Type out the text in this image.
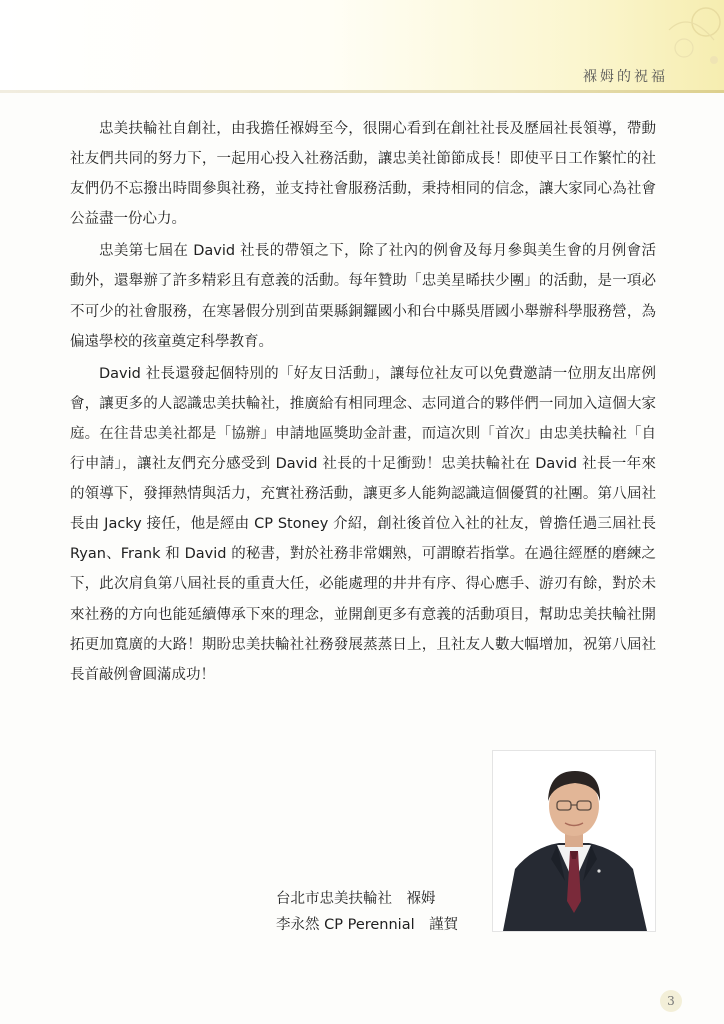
褓姆的祝福

忠美扶輪社自創社，由我擔任褓姆至今，很開心看到在創社社長及歷屆社長領導，帶動社友們共同的努力下，一起用心投入社務活動，讓忠美社節節成長！即使平日工作繁忙的社友們仍不忘撥出時間參與社務，並支持社會服務活動，秉持相同的信念，讓大家同心為社會公益盡一份心力。

忠美第七屆在 David 社長的帶領之下，除了社內的例會及每月參與美生會的月例會活動外，還舉辦了許多精彩且有意義的活動。每年贊助「忠美星晞扶少團」的活動，是一項必不可少的社會服務，在寒暑假分別到苗栗縣銅鑼國小和台中縣吳厝國小舉辦科學服務營，為偏遠學校的孩童奠定科學教育。

David 社長還發起個特別的「好友日活動」，讓每位社友可以免費邀請一位朋友出席例會，讓更多的人認識忠美扶輪社，推廣給有相同理念、志同道合的夥伴們一同加入這個大家庭。在往昔忠美社都是「協辦」申請地區獎助金計畫，而這次則「首次」由忠美扶輪社「自行申請」，讓社友們充分感受到 David 社長的十足衝勁！忠美扶輪社在 David 社長一年來的領導下，發揮熱情與活力，充實社務活動，讓更多人能夠認識這個優質的社團。第八屆社長由 Jacky 接任，他是經由 CP Stoney 介紹，創社後首位入社的社友，曾擔任過三屆社長 Ryan、Frank 和 David 的秘書，對於社務非常嫻熟，可謂瞭若指掌。在過往經歷的磨練之下，此次肩負第八屆社長的重責大任，必能處理的井井有序、得心應手、游刃有餘，對於未來社務的方向也能延續傳承下來的理念，並開創更多有意義的活動項目，幫助忠美扶輪社開拓更加寬廣的大路！期盼忠美扶輪社社務發展蒸蒸日上，且社友人數大幅增加，祝第八屆社長首敲例會圓滿成功！

台北市忠美扶輪社　褓姆
李永然 CP Perennial　謹賀
3
